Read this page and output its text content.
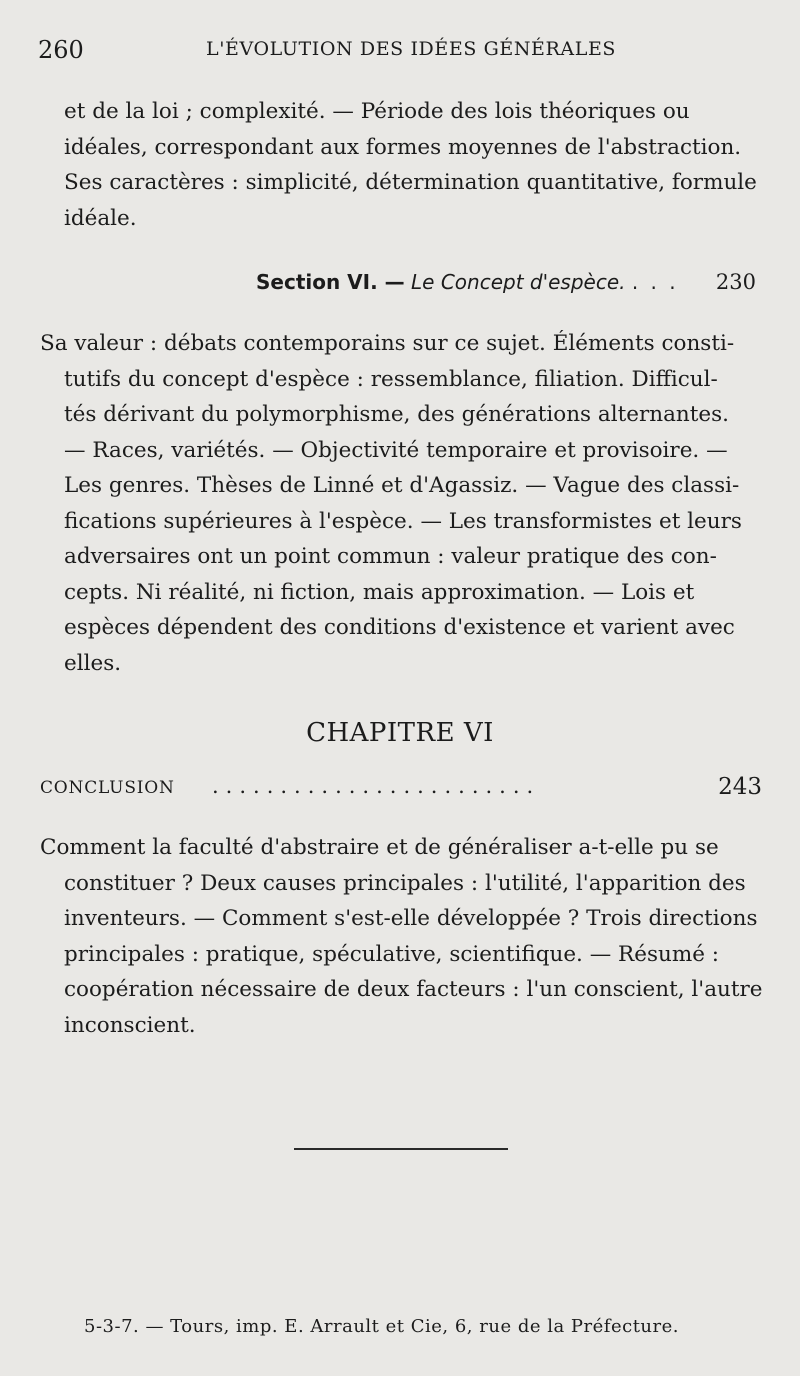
260	L'ÉVOLUTION DES IDÉES GÉNÉRALES

et de la loi ; complexité. — Période des lois théoriques ou
idéales, correspondant aux formes moyennes de l'abstraction.
Ses caractères : simplicité, détermination quantitative, formule
idéale.

Section VI. — Le Concept d'espèce. . . . 230

Sa valeur : débats contemporains sur ce sujet. Éléments consti-
tutifs du concept d'espèce : ressemblance, filiation. Difficul-
tés dérivant du polymorphisme, des générations alternantes.
— Races, variétés. — Objectivité temporaire et provisoire. —
Les genres. Thèses de Linné et d'Agassiz. — Vague des classi-
fications supérieures à l'espèce. — Les transformistes et leurs
adversaires ont un point commun : valeur pratique des con-
cepts. Ni réalité, ni fiction, mais approximation. — Lois et
espèces dépendent des conditions d'existence et varient avec
elles.

CHAPITRE VI
CONCLUSION ........................	243

Comment la faculté d'abstraire et de généraliser a-t-elle pu se
constituer ? Deux causes principales : l'utilité, l'apparition des
inventeurs. — Comment s'est-elle développée ? Trois directions
principales : pratique, spéculative, scientifique. — Résumé :
coopération nécessaire de deux facteurs : l'un conscient, l'autre
inconscient.

5-3-7. — Tours, imp. E. Arrault et Cie, 6, rue de la Préfecture.
